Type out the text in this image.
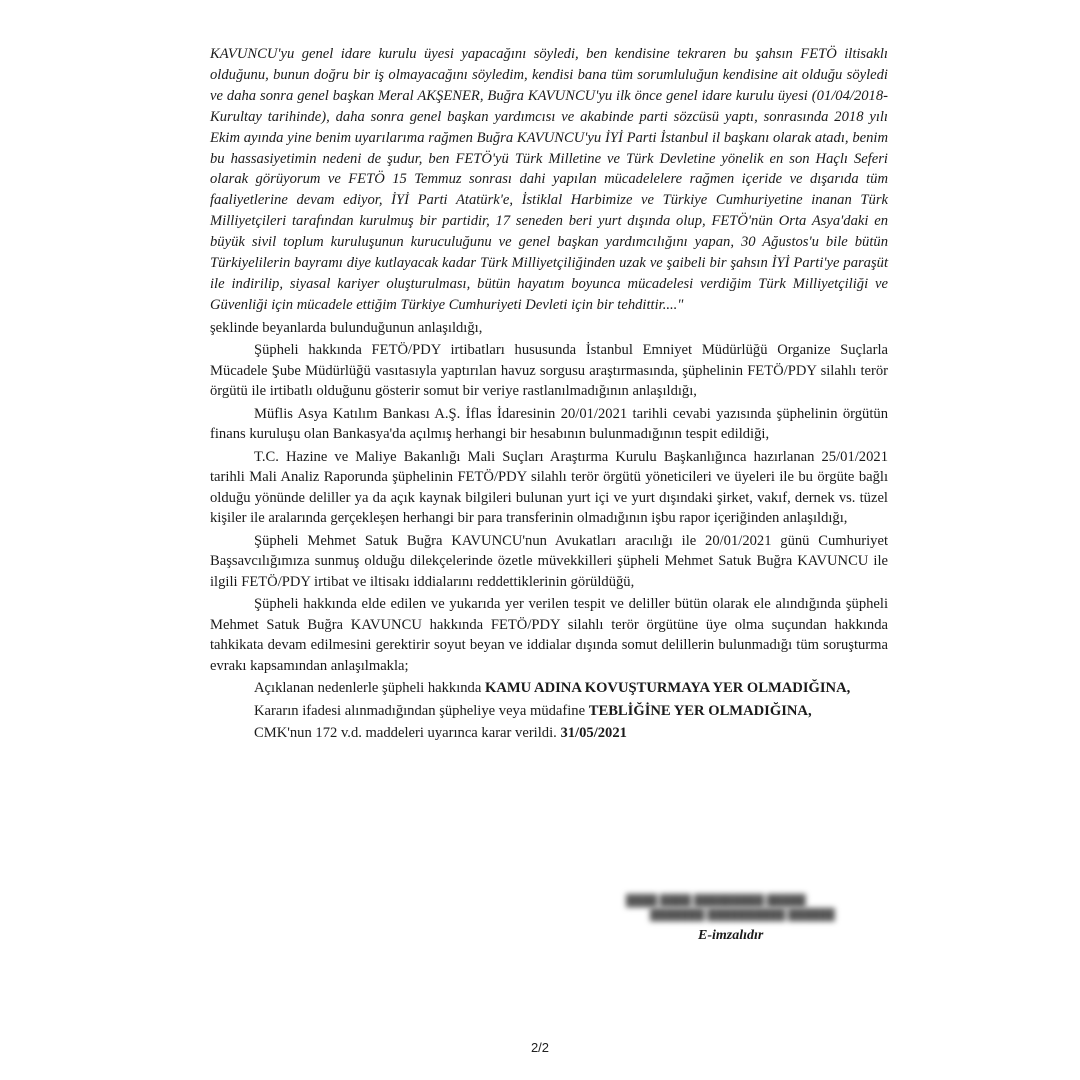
KAVUNCU'yu genel idare kurulu üyesi yapacağını söyledi, ben kendisine tekraren bu şahsın FETÖ iltisaklı olduğunu, bunun doğru bir iş olmayacağını söyledim, kendisi bana tüm sorumluluğun kendisine ait olduğu söyledi ve daha sonra genel başkan Meral AKŞENER, Buğra KAVUNCU'yu ilk önce genel idare kurulu üyesi (01/04/2018-Kurultay tarihinde), daha sonra genel başkan yardımcısı ve akabinde parti sözcüsü yaptı, sonrasında 2018 yılı Ekim ayında yine benim uyarılarıma rağmen Buğra KAVUNCU'yu İYİ Parti İstanbul il başkanı olarak atadı, benim bu hassasiyetimin nedeni de şudur, ben FETÖ'yü Türk Milletine ve Türk Devletine yönelik en son Haçlı Seferi olarak görüyorum ve FETÖ 15 Temmuz sonrası dahi yapılan mücadelelere rağmen içeride ve dışarıda tüm faaliyetlerine devam ediyor, İYİ Parti Atatürk'e, İstiklal Harbimize ve Türkiye Cumhuriyetine inanan Türk Milliyetçileri tarafından kurulmuş bir partidir, 17 seneden beri yurt dışında olup, FETÖ'nün Orta Asya'daki en büyük sivil toplum kuruluşunun kuruculuğunu ve genel başkan yardımcılığını yapan, 30 Ağustos'u bile bütün Türkiyelilerin bayramı diye kutlayacak kadar Türk Milliyetçiliğinden uzak ve şaibeli bir şahsın İYİ Parti'ye paraşüt ile indirilip, siyasal kariyer oluşturulması, bütün hayatım boyunca mücadelesi verdiğim Türk Milliyetçiliği ve Güvenliği için mücadele ettiğim Türkiye Cumhuriyeti Devleti için bir tehdittir...."

şeklinde beyanlarda bulunduğunun anlaşıldığı,

Şüpheli hakkında FETÖ/PDY irtibatları hususunda İstanbul Emniyet Müdürlüğü Organize Suçlarla Mücadele Şube Müdürlüğü vasıtasıyla yaptırılan havuz sorgusu araştırmasında, şüphelinin FETÖ/PDY silahlı terör örgütü ile irtibatlı olduğunu gösterir somut bir veriye rastlanılmadığının anlaşıldığı,

Müflis Asya Katılım Bankası A.Ş. İflas İdaresinin 20/01/2021 tarihli cevabi yazısında şüphelinin örgütün finans kuruluşu olan Bankasya'da açılmış herhangi bir hesabının bulunmadığının tespit edildiği,

T.C. Hazine ve Maliye Bakanlığı Mali Suçları Araştırma Kurulu Başkanlığınca hazırlanan 25/01/2021 tarihli Mali Analiz Raporunda şüphelinin FETÖ/PDY silahlı terör örgütü yöneticileri ve üyeleri ile bu örgüte bağlı olduğu yönünde deliller ya da açık kaynak bilgileri bulunan yurt içi ve yurt dışındaki şirket, vakıf, dernek vs. tüzel kişiler ile aralarında gerçekleşen herhangi bir para transferinin olmadığının işbu rapor içeriğinden anlaşıldığı,

Şüpheli Mehmet Satuk Buğra KAVUNCU'nun Avukatları aracılığı ile 20/01/2021 günü Cumhuriyet Başsavcılığımıza sunmuş olduğu dilekçelerinde özetle müvekkilleri şüpheli Mehmet Satuk Buğra KAVUNCU ile ilgili FETÖ/PDY irtibat ve iltisakı iddialarını reddettiklerinin görüldüğü,

Şüpheli hakkında elde edilen ve yukarıda yer verilen tespit ve deliller bütün olarak ele alındığında şüpheli Mehmet Satuk Buğra KAVUNCU hakkında FETÖ/PDY silahlı terör örgütüne üye olma suçundan hakkında tahkikata devam edilmesini gerektirir soyut beyan ve iddialar dışında somut delillerin bulunmadığı tüm soruşturma evrakı kapsamından anlaşılmakla;

Açıklanan nedenlerle şüpheli hakkında KAMU ADINA KOVUŞTURMAYA YER OLMADIĞINA,

Kararın ifadesi alınmadığından şüpheliye veya müdafine TEBLİĞİNE YER OLMADIĞINA,

CMK'nun 172 v.d. maddeleri uyarınca karar verildi. 31/05/2021

████ ████ █████████ █████
███████ ██████████ ██████
E-imzalıdır
2/2
